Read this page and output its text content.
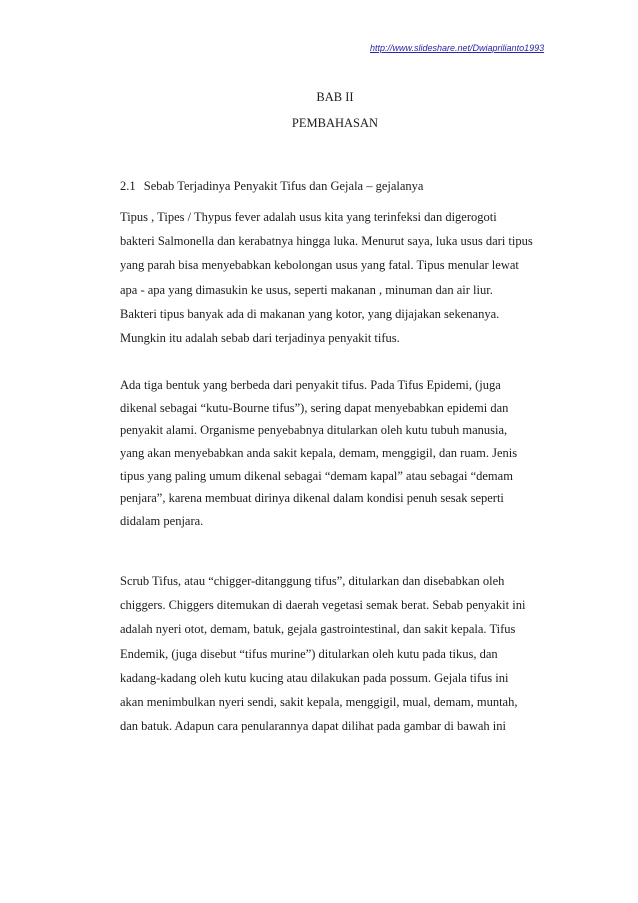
http://www.slideshare.net/Dwiaprilianto1993
BAB II
PEMBAHASAN
2.1 Sebab Terjadinya Penyakit Tifus dan Gejala – gejalanya
Tipus , Tipes / Thypus fever adalah usus kita yang terinfeksi dan digerogoti
bakteri Salmonella dan kerabatnya hingga luka. Menurut saya, luka usus dari tipus
yang parah bisa menyebabkan kebolongan usus yang fatal. Tipus menular lewat
apa - apa yang dimasukin ke usus, seperti makanan , minuman dan air liur.
Bakteri tipus banyak ada di makanan yang kotor, yang dijajakan sekenanya.
Mungkin itu adalah sebab dari terjadinya penyakit tifus.
Ada tiga bentuk yang berbeda dari penyakit tifus. Pada Tifus Epidemi, (juga
dikenal sebagai “kutu-Bourne tifus”), sering dapat menyebabkan epidemi dan
penyakit alami. Organisme penyebabnya ditularkan oleh kutu tubuh manusia,
yang akan menyebabkan anda sakit kepala, demam, menggigil, dan ruam. Jenis
tipus yang paling umum dikenal sebagai “demam kapal” atau sebagai “demam
penjara”, karena membuat dirinya dikenal dalam kondisi penuh sesak seperti
didalam penjara.
Scrub Tifus, atau “chigger-ditanggung tifus”, ditularkan dan disebabkan oleh
chiggers. Chiggers ditemukan di daerah vegetasi semak berat. Sebab penyakit ini
adalah nyeri otot, demam, batuk, gejala gastrointestinal, dan sakit kepala. Tifus
Endemik, (juga disebut “tifus murine”) ditularkan oleh kutu pada tikus, dan
kadang-kadang oleh kutu kucing atau dilakukan pada possum. Gejala tifus ini
akan menimbulkan nyeri sendi, sakit kepala, menggigil, mual, demam, muntah,
dan batuk. Adapun cara penularannya dapat dilihat pada gambar di bawah ini
